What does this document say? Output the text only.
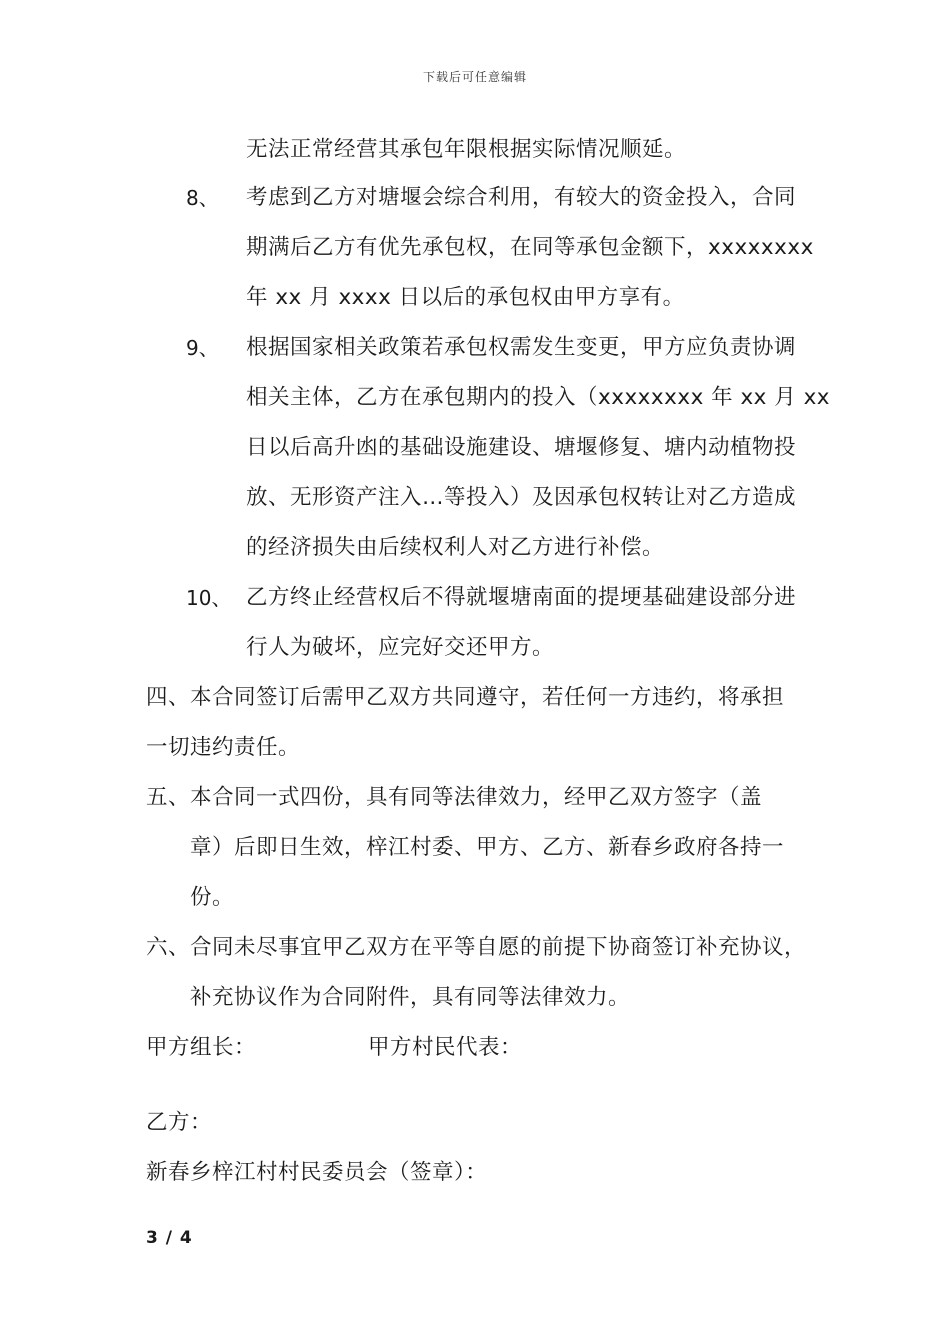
下载后可任意编辑
无法正常经营其承包年限根据实际情况顺延。
8、 考虑到乙方对塘堰会综合利用，有较大的资金投入，合同
期满后乙方有优先承包权，在同等承包金额下，xxxxxxxx
年 xx 月 xxxx 日以后的承包权由甲方享有。
9、 根据国家相关政策若承包权需发生变更，甲方应负责协调
相关主体，乙方在承包期内的投入（xxxxxxxx 年 xx 月 xx
日以后高升凼的基础设施建设、塘堰修复、塘内动植物投
放、无形资产注入…等投入）及因承包权转让对乙方造成
的经济损失由后续权利人对乙方进行补偿。
10、 乙方终止经营权后不得就堰塘南面的提埂基础建设部分进
行人为破坏，应完好交还甲方。
四、本合同签订后需甲乙双方共同遵守，若任何一方违约，将承担
一切违约责任。
五、本合同一式四份，具有同等法律效力，经甲乙双方签字（盖
章）后即日生效，梓江村委、甲方、乙方、新春乡政府各持一
份。
六、合同未尽事宜甲乙双方在平等自愿的前提下协商签订补充协议，
补充协议作为合同附件，具有同等法律效力。
甲方组长：	甲方村民代表：
乙方：
新春乡梓江村村民委员会（签章）：
3 / 4
